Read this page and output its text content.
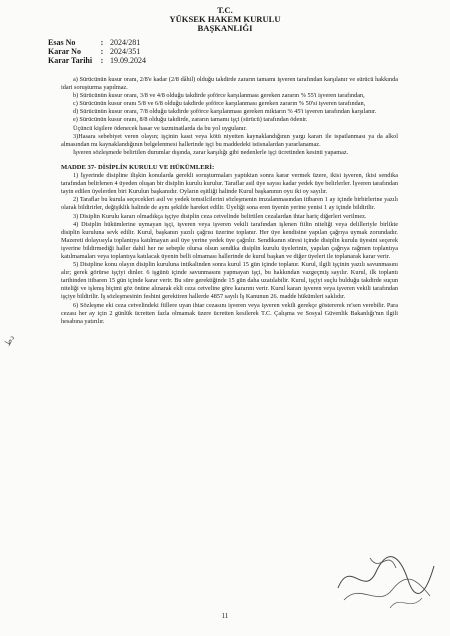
T.C.
YÜKSEK HAKEM KURULU
BAŞKANLIĞI
Esas No	: 2024/281
Karar No	: 2024/351
Karar Tarihi	: 19.09.2024

a) Sürücünün kusur oranı, 2/8'e kadar (2/8 dâhil) olduğu takdirde zararın tamamı işveren tarafından karşılanır ve sürücü hakkında idari soruşturma yapılmaz.

b) Sürücünün kusur oranı, 3/8 ve 4/8 olduğu takdirde şoförce karşılanması gereken zararın % 55'i işveren tarafından,

c) Sürücünün kusur oranı 5/8 ve 6/8 olduğu takdirde şoförce karşılanması gereken zararın % 50'si işveren tarafından,

d) Sürücünün kusur oranı, 7/8 olduğu takdirde şoförce karşılanması gereken miktarın % 45'i işveren tarafından karşılanır.

e) Sürücünün kusur oranı, 8/8 olduğu takdirde, zararın tamamı işçi (sürücü) tarafından ödenir.

Üçüncü kişilere ödenecek hasar ve tazminatlarda da bu yol uygulanır.

3)Hasara sebebiyet veren olayın; işçinin kasıt veya kötü niyetten kaynaklandığının yargı kararı ile ispatlanması ya da alkol almasından mı kaynaklandığının belgelenmesi hallerinde işçi bu maddedeki istisnalardan yararlanamaz.

İşveren sözleşmede belirtilen durumlar dışında, zarar karşılığı gibi nedenlerle işçi ücretinden kesinti yapamaz.

MADDE 37- DİSİPLİN KURULU VE HÜKÜMLERİ:

1) İşyerinde disipline ilişkin konularda gerekli soruşturmaları yaptıktan sonra karar vermek üzere, ikisi işveren, ikisi sendika tarafından belirlenen 4 üyeden oluşan bir disiplin kurulu kurulur. Taraflar asil üye sayısı kadar yedek üye belirlerler. İşveren tarafından tayin edilen üyelerden biri Kurulun başkanıdır. Oyların eşitliği halinde Kurul başkanının oyu iki oy sayılır.

2) Taraflar bu kurula seçecekleri asil ve yedek temsilcilerini sözleşmenin imzalanmasından itibaren 1 ay içinde birbirlerine yazılı olarak bildirirler, değişiklik halinde de aynı şekilde hareket edilir. Üyeliği sona eren üyenin yerine yenisi 1 ay içinde bildirilir.

3) Disiplin Kurulu kararı olmadıkça işçiye disiplin ceza cetvelinde belirtilen cezalardan ihtar hariç diğerleri verilmez.

4) Disiplin hükümlerine uymayan işçi, işveren veya işveren vekili tarafından işlenen fiilin niteliği veya delilleriyle birlikte disiplin kuruluna sevk edilir. Kurul, başkanın yazılı çağrısı üzerine toplanır. Her üye kendisine yapılan çağrıya uymak zorundadır. Mazereti dolayısıyla toplantıya katılmayan asil üye yerine yedek üye çağrılır. Sendikanın süresi içinde disiplin kurulu üyesini seçerek işverine bildirmediği haller dahil her ne sebeple olursa olsun sendika disiplin kurulu üyelerinin, yapılan çağrıya rağmen toplantıya katılmamaları veya toplantıya katılacak üyenin belli olmaması hallerinde de kurul başkan ve diğer üyeleri ile toplanarak karar verir.

5) Disipline konu olayın disiplin kuruluna intikalinden sonra kurul 15 gün içinde toplanır. Kurul, ilgili işçinin yazılı savunmasını alır; gerek görürse işçiyi dinler. 6 işgünü içinde savunmasını yapmayan işçi, bu hakkından vazgeçmiş sayılır. Kurul, ilk toplantı tarihinden itibaren 15 gün içinde karar verir. Bu süre gerektiğinde 15 gün daha uzatılabilir. Kurul, işçiyi suçlu bulduğu takdirde suçun niteliği ve işlenış biçimi göz önüne alınarak ekli ceza cetveline göre kararını verir. Kurul kararı işveren veya işveren vekili tarafından işçiye bildirilir. İş sözleşmesinin feshini gerektiren hallerde 4857 sayılı İş Kanunun 26. madde hükümleri saklıdır.

6) Sözleşme eki ceza cetvelindeki fiillere uyan ihtar cezasını işveren veya işveren vekili gerekçe göstererek re'sen verebilir. Para cezası her ay için 2 günlük ücretten fazla olmamak üzere ücretten kesilerek T.C. Çalışma ve Sosyal Güvenlik Bakanlığı'nın ilgili hesabına yatırılır.

دط
11
